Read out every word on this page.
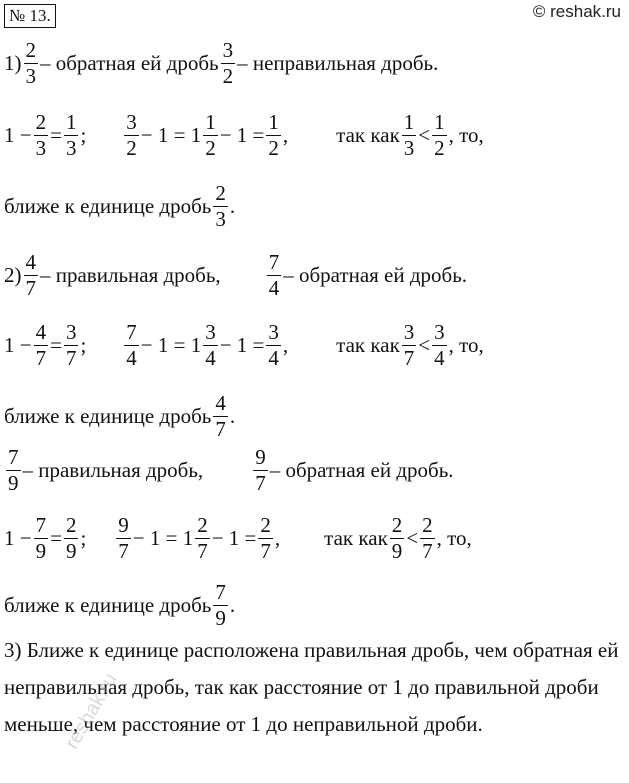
№ 13.	© reshak.ru
$1) \frac{2}{3}$ – обратная ей дробь $\frac{3}{2}$ – неправильная дробь.
$1 - \frac{2}{3} = \frac{1}{3}$ ; $\frac{3}{2} - 1 = 1 \frac{1}{2} - 1 = \frac{1}{2}$ , так как $\frac{1}{3} < \frac{1}{2}$ , то,
ближе к единице дробь $\frac{2}{3}$ .
$2) \frac{4}{7}$ – правильная дробь, $\frac{7}{4}$ – обратная ей дробь.
$1 - \frac{4}{7} = \frac{3}{7}$ ; $\frac{7}{4} - 1 = 1 \frac{3}{4} - 1 = \frac{3}{4}$ , так как $\frac{3}{7} < \frac{3}{4}$ , то,
ближе к единице дробь $\frac{4}{7}$ .
$\frac{7}{9}$ – правильная дробь, $\frac{9}{7}$ – обратная ей дробь.
$1 - \frac{7}{9} = \frac{2}{9}$ ; $\frac{9}{7} - 1 = 1 \frac{2}{7} - 1 = \frac{2}{7}$ , так как $\frac{2}{9} < \frac{2}{7}$ , то,
ближе к единице дробь $\frac{7}{9}$ .
3) Ближе к единице расположена правильная дробь, чем обратная ей неправильная дробь, так как расстояние от 1 до правильной дроби меньше, чем расстояние от 1 до неправильной дроби.
reshak.ru
